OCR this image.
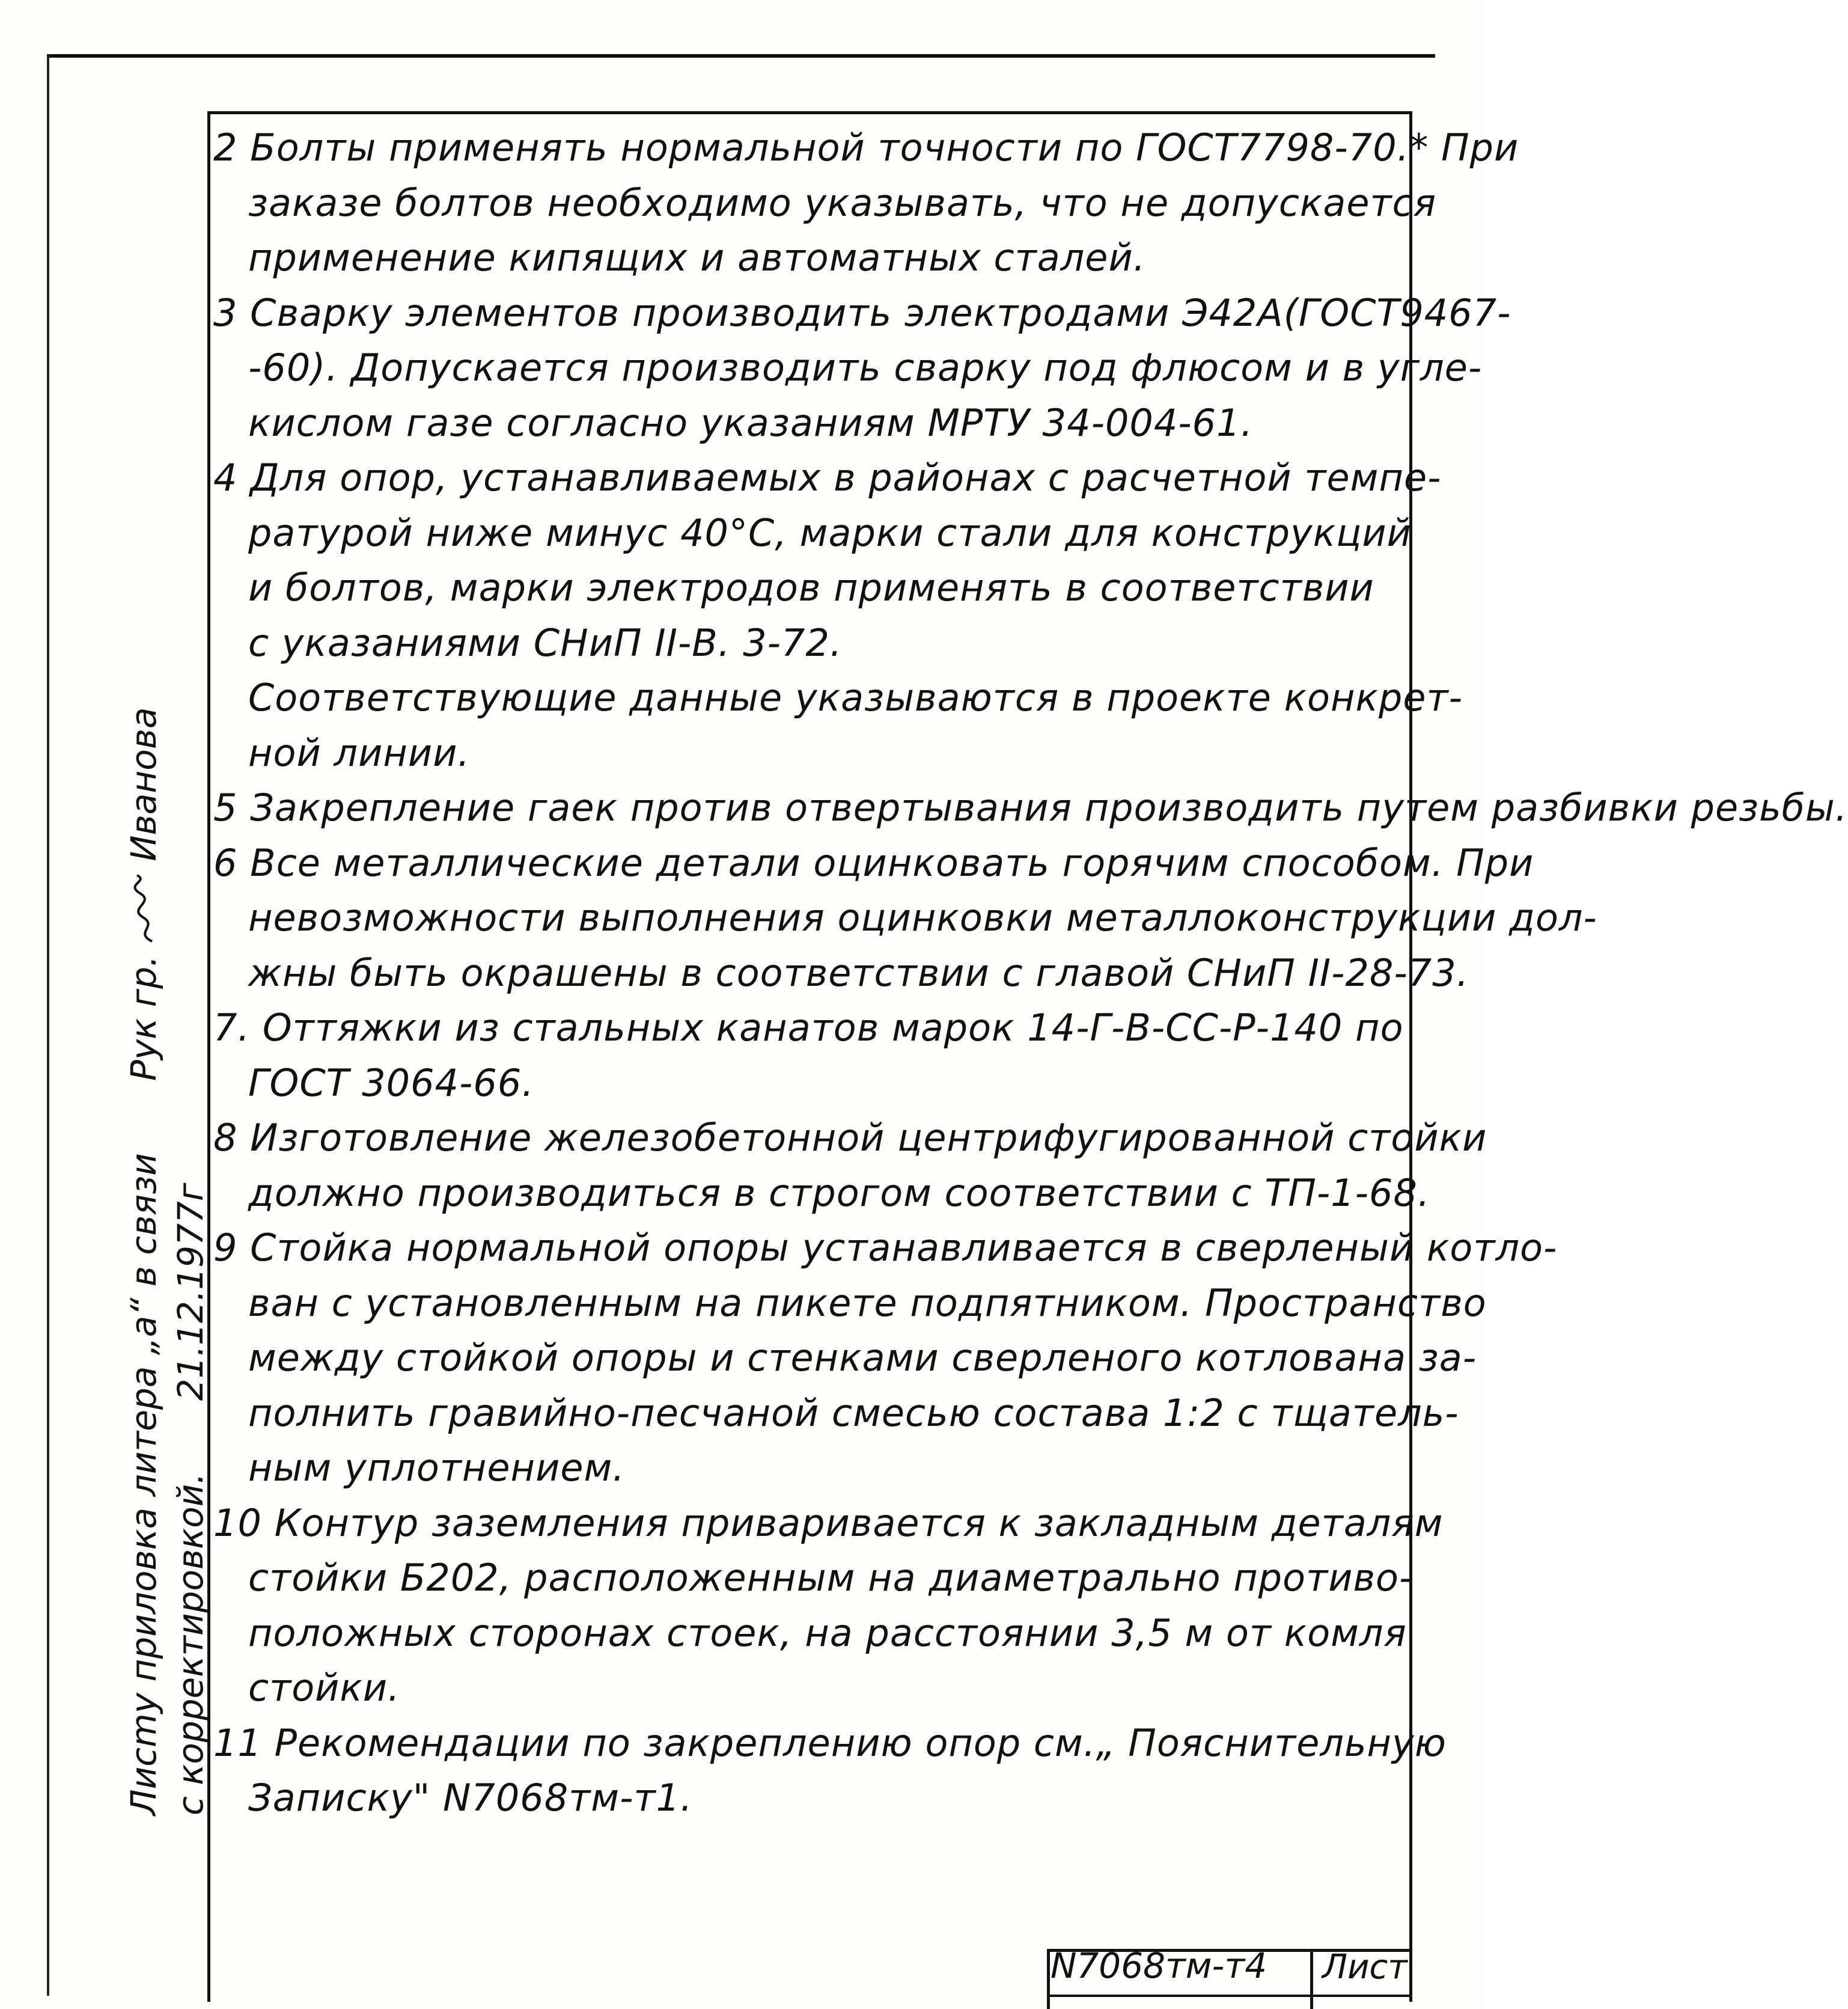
2 Болты применять нормальной точности по ГОСТ7798-70.* При
заказе болтов необходимо указывать, что не допускается
применение кипящих и автоматных сталей.
3 Сварку элементов производить электродами Э42А(ГОСТ9467-
-60). Допускается производить сварку под флюсом и в угле-
кислом газе согласно указаниям МРТУ 34-004-61.
4 Для опор, устанавливаемых в районах с расчетной темпе-
ратурой ниже минус 40°С, марки стали для конструкций
и болтов, марки электродов применять в соответствии
с указаниями СНиП II-В. 3-72.
Соответствующие данные указываются в проекте конкрет-
ной линии.
5 Закрепление гаек против отвертывания производить путем разбивки резьбы.
6 Все металлические детали оцинковать горячим способом. При
невозможности выполнения оцинковки металлоконструкции дол-
жны быть окрашены в соответствии с главой СНиП II-28-73.
7. Оттяжки из стальных канатов марок 14-Г-В-СС-Р-140 по
ГОСТ 3064-66.
8 Изготовление железобетонной центрифугированной стойки
должно производиться в строгом соответствии с ТП-1-68.
9 Стойка нормальной опоры устанавливается в сверленый котло-
ван с установленным на пикете подпятником. Пространство
между стойкой опоры и стенками сверленого котлована за-
полнить гравийно-песчаной смесью состава 1:2 с тщатель-
ным уплотнением.
10 Контур заземления приваривается к закладным деталям
стойки Б202, расположенным на диаметрально противо-
положных сторонах стоек, на расстоянии 3,5 м от комля
стойки.
11 Рекомендации по закреплению опор см.„ Пояснительную
Записку" N7068тм-т1.
Лисmy приловка литера „а“ в связиРук гр.  Иванова
с корректировкой.21.12.1977г
N7068тм-т4	Лист
